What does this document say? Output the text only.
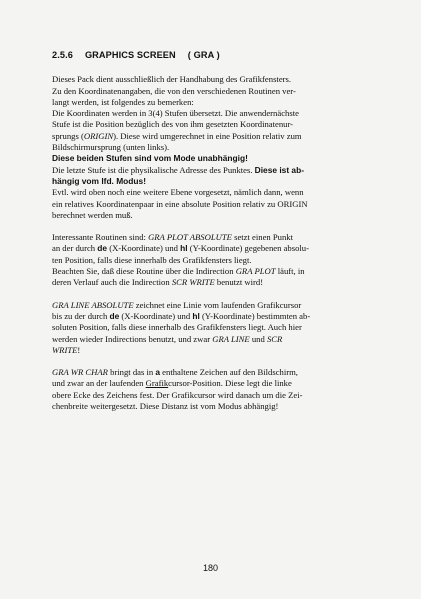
2.5.6 GRAPHICS SCREEN ( GRA )

Dieses Pack dient ausschließlich der Handhabung des Grafikfensters.

Zu den Koordinatenangaben, die von den verschiedenen Routinen ver-

langt werden, ist folgendes zu bemerken:

Die Koordinaten werden in 3(4) Stufen übersetzt. Die anwendernächste

Stufe ist die Position bezüglich des von ihm gesetzten Koordinatenur-

sprungs (ORIGIN). Diese wird umgerechnet in eine Position relativ zum

Bildschirmursprung (unten links).

Diese beiden Stufen sind vom Mode unabhängig!

Die letzte Stufe ist die physikalische Adresse des Punktes. Diese ist ab-

hängig vom lfd. Modus!

Evtl. wird oben noch eine weitere Ebene vorgesetzt, nämlich dann, wenn

ein relatives Koordinatenpaar in eine absolute Position relativ zu ORIGIN

berechnet werden muß.

Interessante Routinen sind: GRA PLOT ABSOLUTE setzt einen Punkt

an der durch de (X-Koordinate) und hl (Y-Koordinate) gegebenen absolu-

ten Position, falls diese innerhalb des Grafikfensters liegt.

Beachten Sie, daß diese Routine über die Indirection GRA PLOT läuft, in

deren Verlauf auch die Indirection SCR WRITE benutzt wird!

GRA LINE ABSOLUTE zeichnet eine Linie vom laufenden Grafikcursor

bis zu der durch de (X-Koordinate) und hl (Y-Koordinate) bestimmten ab-

soluten Position, falls diese innerhalb des Grafikfensters liegt. Auch hier

werden wieder Indirections benutzt, und zwar GRA LINE und SCR

WRITE!

GRA WR CHAR bringt das in a enthaltene Zeichen auf den Bildschirm,

und zwar an der laufenden Grafikcursor-Position. Diese legt die linke

obere Ecke des Zeichens fest. Der Grafikcursor wird danach um die Zei-

chenbreite weitergesetzt. Diese Distanz ist vom Modus abhängig!

180
